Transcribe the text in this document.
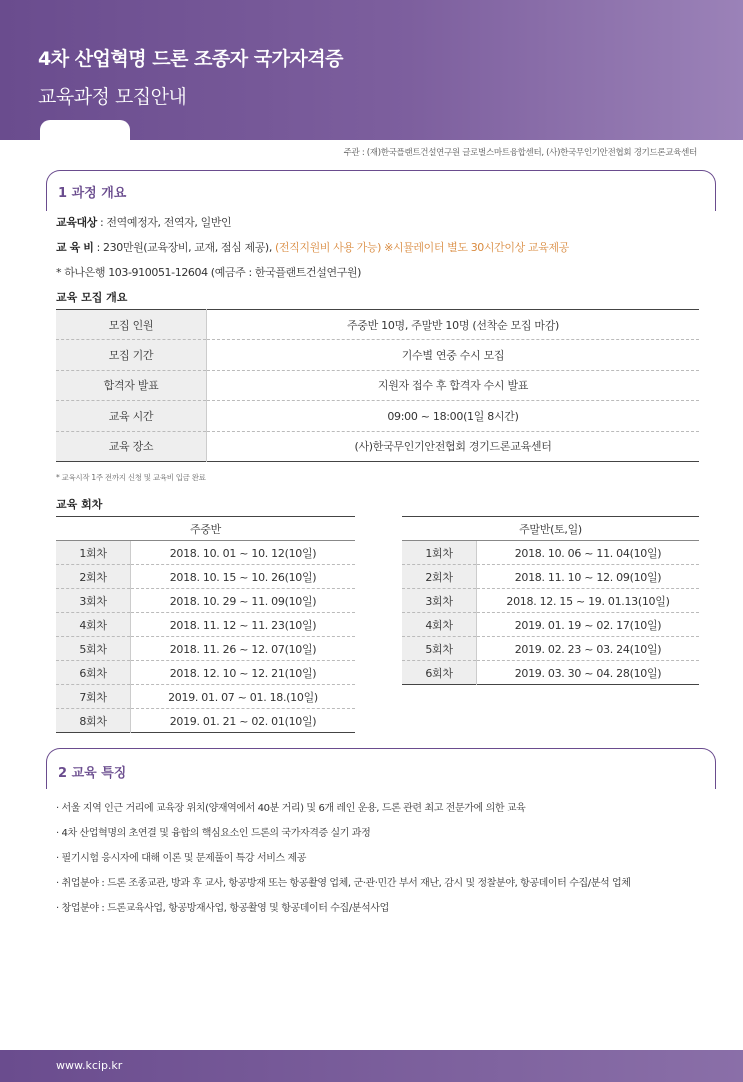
4차 산업혁명 드론 조종자 국가자격증
교육과정 모집안내
주관 : (재)한국플랜트건설연구원 글로벌스마트융합센터, (사)한국무인기안전협회 경기드론교육센터
1 과정 개요
교육대상 : 전역예정자, 전역자, 일반인
교 육 비 : 230만원(교육장비, 교재, 점심 제공), (전직지원비 사용 가능) ※시뮬레이터 별도 30시간이상 교육제공
* 하나은행 103-910051-12604 (예금주 : 한국플랜트건설연구원)
교육 모집 개요
모집 인원	주중반 10명, 주말반 10명 (선착순 모집 마감)
모집 기간	기수별 연중 수시 모집
합격자 발표	지원자 접수 후 합격자 수시 발표
교육 시간	09:00 ~ 18:00(1일 8시간)
교육 장소	(사)한국무인기안전협회 경기드론교육센터
* 교육시작 1주 전까지 신청 및 교육비 입금 완료
교육 회차
주중반	
1회차	2018. 10. 01 ~ 10. 12(10일)
2회차	2018. 10. 15 ~ 10. 26(10일)
3회차	2018. 10. 29 ~ 11. 09(10일)
4회차	2018. 11. 12 ~ 11. 23(10일)
5회차	2018. 11. 26 ~ 12. 07(10일)
6회차	2018. 12. 10 ~ 12. 21(10일)
7회차	2019. 01. 07 ~ 01. 18.(10일)
8회차	2019. 01. 21 ~ 02. 01(10일)
주말반(토,일)	
1회차	2018. 10. 06 ~ 11. 04(10일)
2회차	2018. 11. 10 ~ 12. 09(10일)
3회차	2018. 12. 15 ~ 19. 01.13(10일)
4회차	2019. 01. 19 ~ 02. 17(10일)
5회차	2019. 02. 23 ~ 03. 24(10일)
6회차	2019. 03. 30 ~ 04. 28(10일)
2 교육 특징
· 서울 지역 인근 거리에 교육장 위치(양재역에서 40분 거리) 및 6개 레인 운용, 드론 관련 최고 전문가에 의한 교육
· 4차 산업혁명의 초연결 및 융합의 핵심요소인 드론의 국가자격증 실기 과정
· 필기시험 응시자에 대해 이론 및 문제풀이 특강 서비스 제공
· 취업분야 : 드론 조종교관, 방과 후 교사, 항공방재 또는 항공촬영 업체, 군·관·민간 부서 재난, 감시 및 정찰분야, 항공데이터 수집/분석 업체
· 창업분야 : 드론교육사업, 항공방재사업, 항공촬영 및 항공데이터 수집/분석사업
www.kcip.kr
